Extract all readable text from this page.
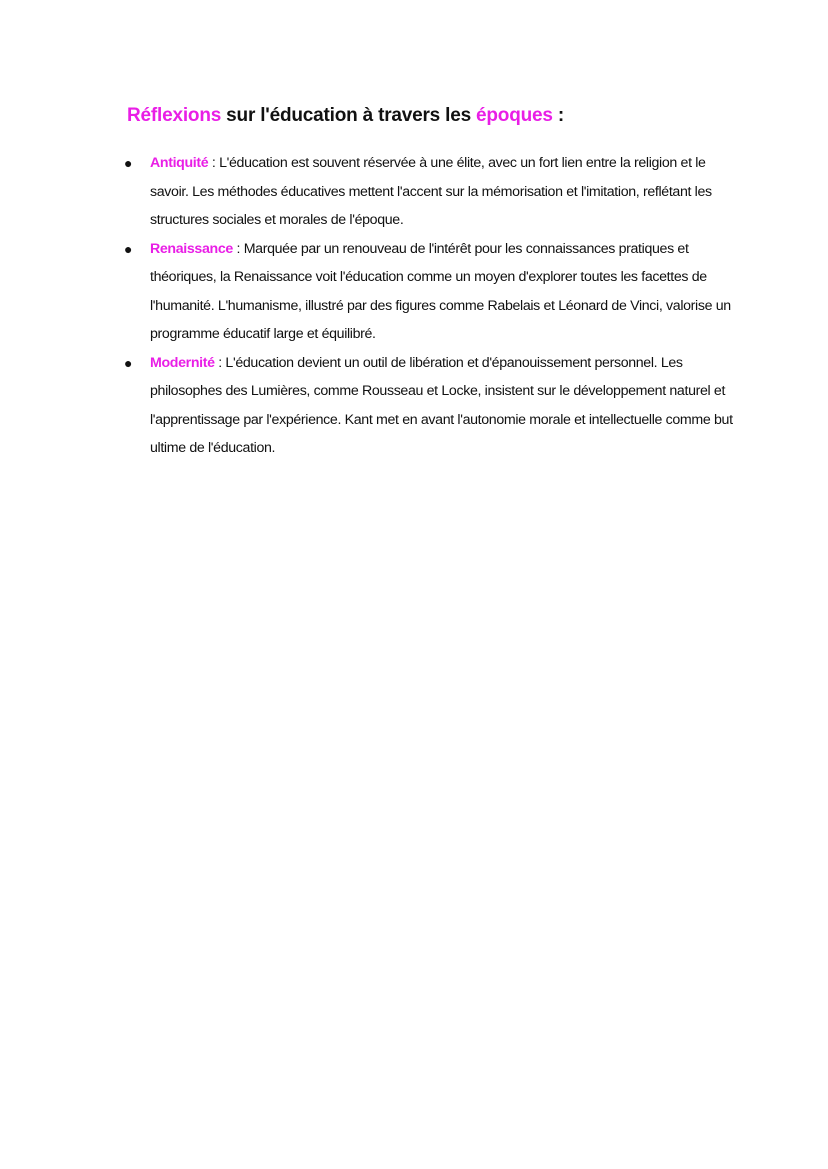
Réflexions sur l'éducation à travers les époques :
● Antiquité : L'éducation est souvent réservée à une élite, avec un fort lien entre la religion et le savoir. Les méthodes éducatives mettent l'accent sur la mémorisation et l'imitation, reflétant les structures sociales et morales de l'époque.
● Renaissance : Marquée par un renouveau de l'intérêt pour les connaissances pratiques et théoriques, la Renaissance voit l'éducation comme un moyen d'explorer toutes les facettes de l'humanité. L'humanisme, illustré par des figures comme Rabelais et Léonard de Vinci, valorise un programme éducatif large et équilibré.
● Modernité : L'éducation devient un outil de libération et d'épanouissement personnel. Les philosophes des Lumières, comme Rousseau et Locke, insistent sur le développement naturel et l'apprentissage par l'expérience. Kant met en avant l'autonomie morale et intellectuelle comme but ultime de l'éducation.
